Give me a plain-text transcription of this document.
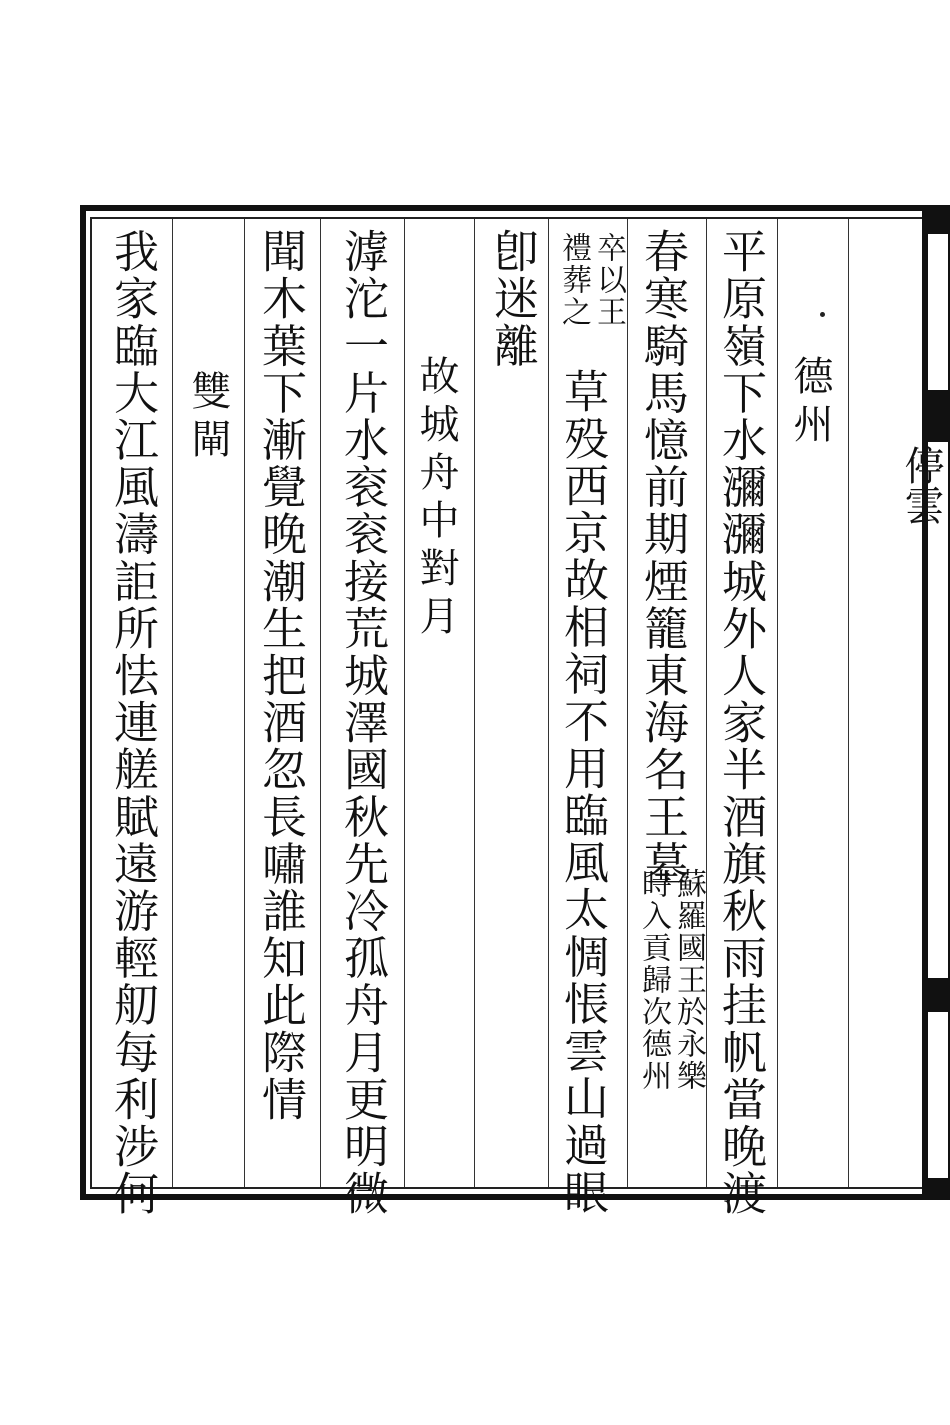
德州
平原嶺下水瀰瀰城外人家半酒旗秋雨挂帆當晚渡
春寒騎馬憶前期煙籠東海名王墓
蘇羅國王於永樂
時入貢歸次德州
卒以王
禮葬之
草殁西京故相祠不用臨風太惆悵雲山過眼
卽迷離
故城舟中對月
滹沱一片水衮衮接荒城澤國秋先冷孤舟月更明微
聞木葉下漸覺晚潮生把酒忽長嘯誰知此際情
雙閘
我家臨大江風濤詎所怯連艖賦遠游輕舠每利涉何	停雲
